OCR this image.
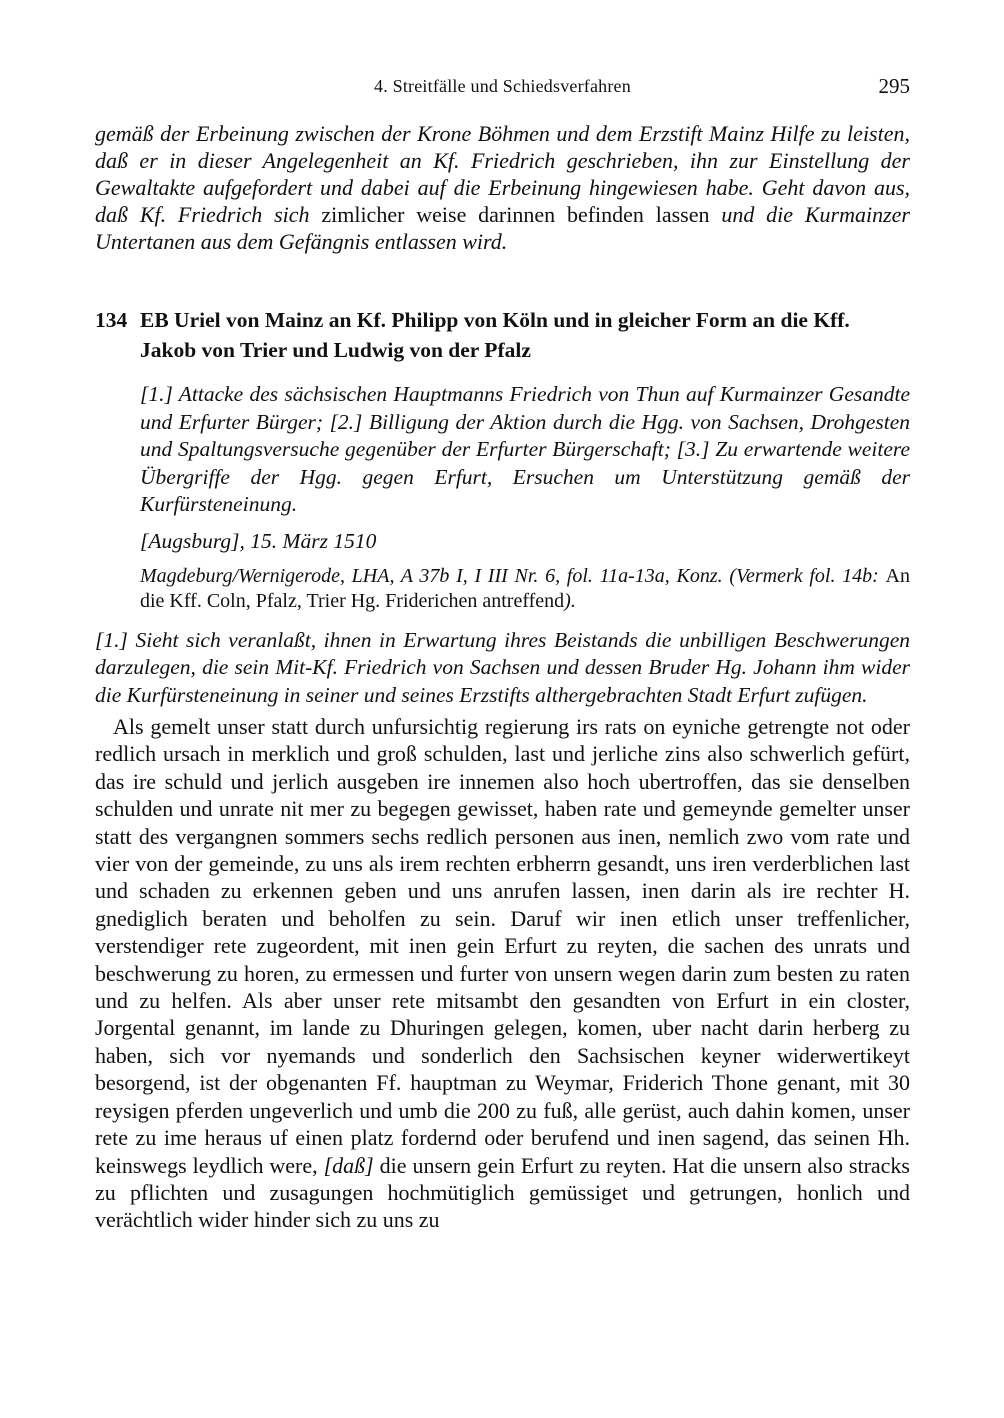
4. Streitfälle und Schiedsverfahren	295

gemäß der Erbeinung zwischen der Krone Böhmen und dem Erzstift Mainz Hilfe zu leisten, daß er in dieser Angelegenheit an Kf. Friedrich geschrieben, ihn zur Einstellung der Gewaltakte aufgefordert und dabei auf die Erbeinung hingewiesen habe. Geht davon aus, daß Kf. Friedrich sich zimlicher weise darinnen befinden lassen und die Kurmainzer Untertanen aus dem Gefängnis entlassen wird.

134 EB Uriel von Mainz an Kf. Philipp von Köln und in gleicher Form an die Kff. Jakob von Trier und Ludwig von der Pfalz

[1.] Attacke des sächsischen Hauptmanns Friedrich von Thun auf Kurmainzer Gesandte und Erfurter Bürger; [2.] Billigung der Aktion durch die Hgg. von Sachsen, Drohgesten und Spaltungsversuche gegenüber der Erfurter Bürgerschaft; [3.] Zu erwartende weitere Übergriffe der Hgg. gegen Erfurt, Ersuchen um Unterstützung gemäß der Kurfürsteneinung.

[Augsburg], 15. März 1510

Magdeburg/Wernigerode, LHA, A 37b I, I III Nr. 6, fol. 11a-13a, Konz. (Vermerk fol. 14b: An die Kff. Coln, Pfalz, Trier Hg. Friderichen antreffend).

[1.] Sieht sich veranlaßt, ihnen in Erwartung ihres Beistands die unbilligen Beschwerungen darzulegen, die sein Mit-Kf. Friedrich von Sachsen und dessen Bruder Hg. Johann ihm wider die Kurfürsteneinung in seiner und seines Erzstifts althergebrachten Stadt Erfurt zufügen.

Als gemelt unser statt durch unfursichtig regierung irs rats on eyniche getrengte not oder redlich ursach in merklich und groß schulden, last und jerliche zins also schwerlich gefürt, das ire schuld und jerlich ausgeben ire innemen also hoch ubertroffen, das sie denselben schulden und unrate nit mer zu begegen gewisset, haben rate und gemeynde gemelter unser statt des vergangnen sommers sechs redlich personen aus inen, nemlich zwo vom rate und vier von der gemeinde, zu uns als irem rechten erbherrn gesandt, uns iren verderblichen last und schaden zu erkennen geben und uns anrufen lassen, inen darin als ire rechter H. gnediglich beraten und beholfen zu sein. Daruf wir inen etlich unser treffenlicher, verstendiger rete zugeordent, mit inen gein Erfurt zu reyten, die sachen des unrats und beschwerung zu horen, zu ermessen und furter von unsern wegen darin zum besten zu raten und zu helfen. Als aber unser rete mitsambt den gesandten von Erfurt in ein closter, Jorgental genannt, im lande zu Dhuringen gelegen, komen, uber nacht darin herberg zu haben, sich vor nyemands und sonderlich den Sachsischen keyner widerwertikeyt besorgend, ist der obgenanten Ff. hauptman zu Weymar, Friderich Thone genant, mit 30 reysigen pferden ungeverlich und umb die 200 zu fuß, alle gerüst, auch dahin komen, unser rete zu ime heraus uf einen platz fordernd oder berufend und inen sagend, das seinen Hh. keinswegs leydlich were, [daß] die unsern gein Erfurt zu reyten. Hat die unsern also stracks zu pflichten und zusagungen hochmütiglich gemüssiget und getrungen, honlich und verächtlich wider hinder sich zu uns zu
